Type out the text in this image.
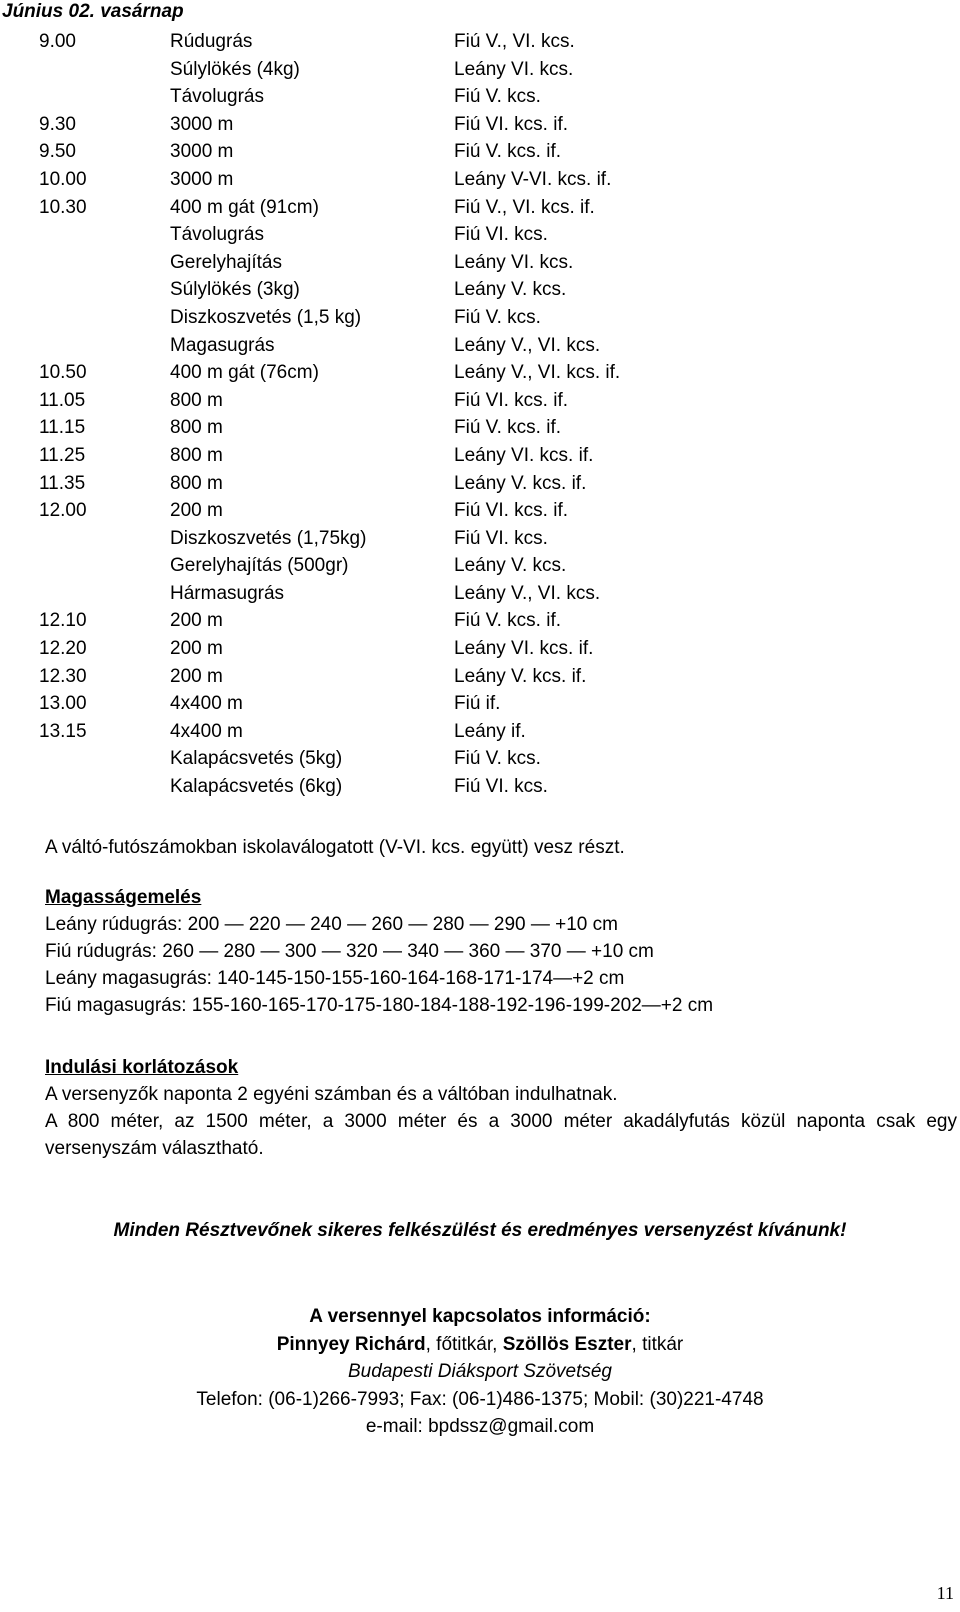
Június 02. vasárnap
9.00	Rúdugrás	Fiú V., VI. kcs.
Súlylökés (4kg)	Leány VI. kcs.
Távolugrás	Fiú V. kcs.
9.30	3000 m	Fiú VI. kcs. if.
9.50	3000 m	Fiú V. kcs. if.
10.00	3000 m	Leány V-VI. kcs. if.
10.30	400 m gát (91cm)	Fiú V., VI. kcs. if.
Távolugrás	Fiú VI. kcs.
Gerelyhajítás	Leány VI. kcs.
Súlylökés (3kg)	Leány V. kcs.
Diszkoszvetés (1,5 kg)	Fiú V. kcs.
Magasugrás	Leány V., VI. kcs.
10.50	400 m gát (76cm)	Leány V., VI. kcs. if.
11.05	800 m	Fiú VI. kcs. if.
11.15	800 m	Fiú V. kcs. if.
11.25	800 m	Leány VI. kcs. if.
11.35	800 m	Leány V. kcs. if.
12.00	200 m	Fiú VI. kcs. if.
Diszkoszvetés (1,75kg)	Fiú VI. kcs.
Gerelyhajítás (500gr)	Leány V. kcs.
Hármasugrás	Leány V., VI. kcs.
12.10	200 m	Fiú V. kcs. if.
12.20	200 m	Leány VI. kcs. if.
12.30	200 m	Leány V. kcs. if.
13.00	4x400 m	Fiú if.
13.15	4x400 m	Leány if.
Kalapácsvetés (5kg)	Fiú V. kcs.
Kalapácsvetés (6kg)	Fiú VI. kcs.

A váltó-futószámokban iskolaválogatott (V-VI. kcs. együtt) vesz részt.

Magasságemelés

Leány rúdugrás: 200 — 220 — 240 — 260 — 280 — 290 — +10 cm

Fiú rúdugrás: 260 — 280 — 300 — 320 — 340 — 360 — 370 — +10 cm

Leány magasugrás: 140-145-150-155-160-164-168-171-174—+2 cm

Fiú magasugrás: 155-160-165-170-175-180-184-188-192-196-199-202—+2 cm

Indulási korlátozások

A versenyzők naponta 2 egyéni számban és a váltóban indulhatnak.

A 800 méter, az 1500 méter, a 3000 méter és a 3000 méter akadályfutás közül naponta csak egy versenyszám választható.

Minden Résztvevőnek sikeres felkészülést és eredményes versenyzést kívánunk!

A versennyel kapcsolatos információ:

Pinnyey Richárd, főtitkár, Szöllös Eszter, titkár

Budapesti Diáksport Szövetség

Telefon: (06-1)266-7993; Fax: (06-1)486-1375; Mobil: (30)221-4748

e-mail: bpdssz@gmail.com

11
